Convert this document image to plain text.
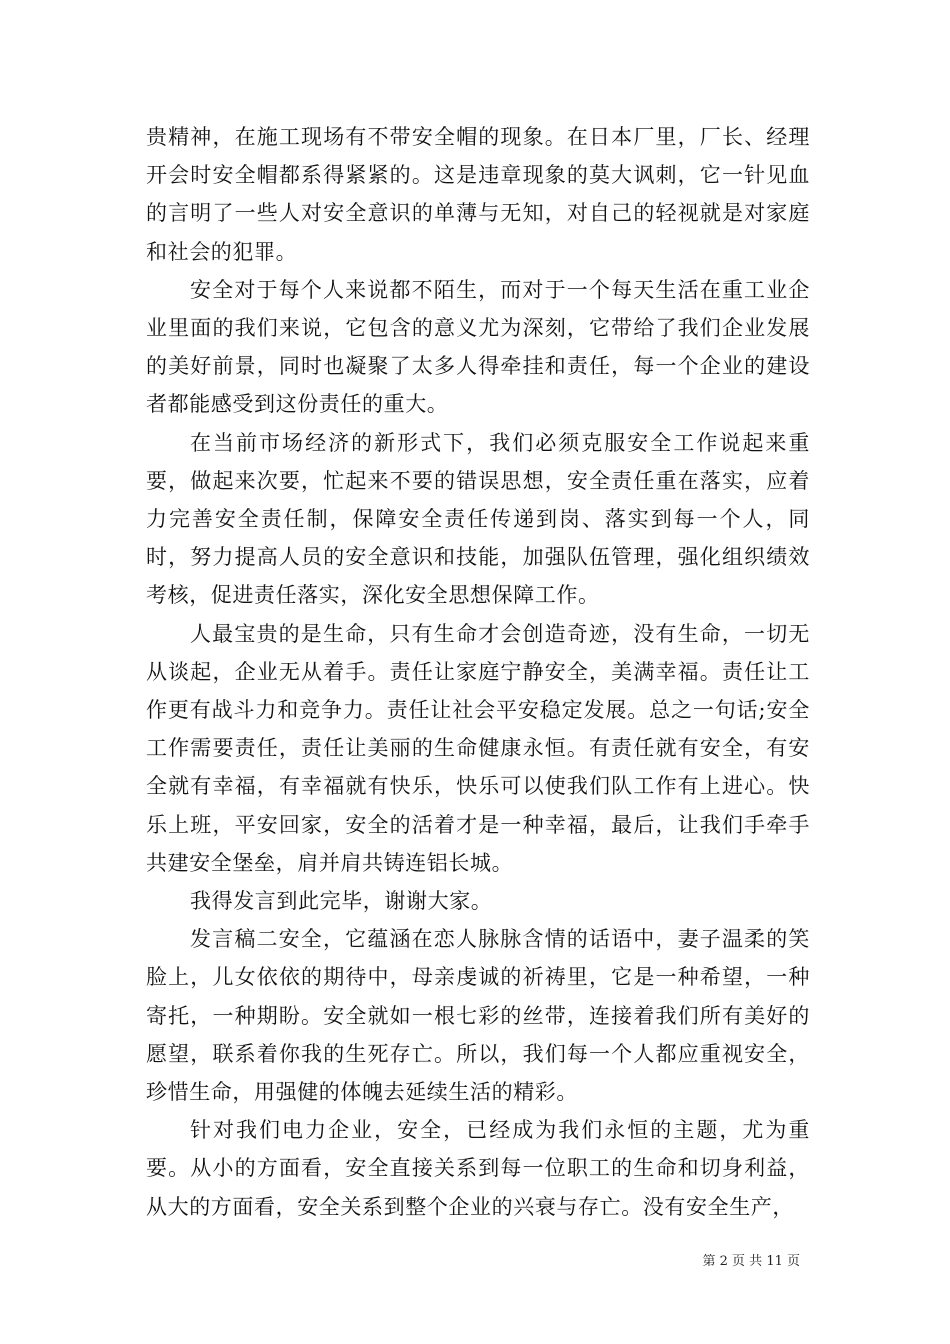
贵精神，在施工现场有不带安全帽的现象。在日本厂里，厂长、经理开会时安全帽都系得紧紧的。这是违章现象的莫大讽刺，它一针见血的言明了一些人对安全意识的单薄与无知，对自己的轻视就是对家庭和社会的犯罪。

安全对于每个人来说都不陌生，而对于一个每天生活在重工业企业里面的我们来说，它包含的意义尤为深刻，它带给了我们企业发展的美好前景，同时也凝聚了太多人得牵挂和责任，每一个企业的建设者都能感受到这份责任的重大。

在当前市场经济的新形式下，我们必须克服安全工作说起来重要，做起来次要，忙起来不要的错误思想，安全责任重在落实，应着力完善安全责任制，保障安全责任传递到岗、落实到每一个人，同时，努力提高人员的安全意识和技能，加强队伍管理，强化组织绩效考核，促进责任落实，深化安全思想保障工作。

人最宝贵的是生命，只有生命才会创造奇迹，没有生命，一切无从谈起，企业无从着手。责任让家庭宁静安全，美满幸福。责任让工作更有战斗力和竞争力。责任让社会平安稳定发展。总之一句话;安全工作需要责任，责任让美丽的生命健康永恒。有责任就有安全，有安全就有幸福，有幸福就有快乐，快乐可以使我们队工作有上进心。快乐上班，平安回家，安全的活着才是一种幸福，最后，让我们手牵手共建安全堡垒，肩并肩共铸连铝长城。

我得发言到此完毕，谢谢大家。

发言稿二安全，它蕴涵在恋人脉脉含情的话语中，妻子温柔的笑脸上，儿女依依的期待中，母亲虔诚的祈祷里，它是一种希望，一种寄托，一种期盼。安全就如一根七彩的丝带，连接着我们所有美好的愿望，联系着你我的生死存亡。所以，我们每一个人都应重视安全，珍惜生命，用强健的体魄去延续生活的精彩。

针对我们电力企业，安全，已经成为我们永恒的主题，尤为重要。从小的方面看，安全直接关系到每一位职工的生命和切身利益，从大的方面看，安全关系到整个企业的兴衰与存亡。没有安全生产，

第 2 页 共 11 页
